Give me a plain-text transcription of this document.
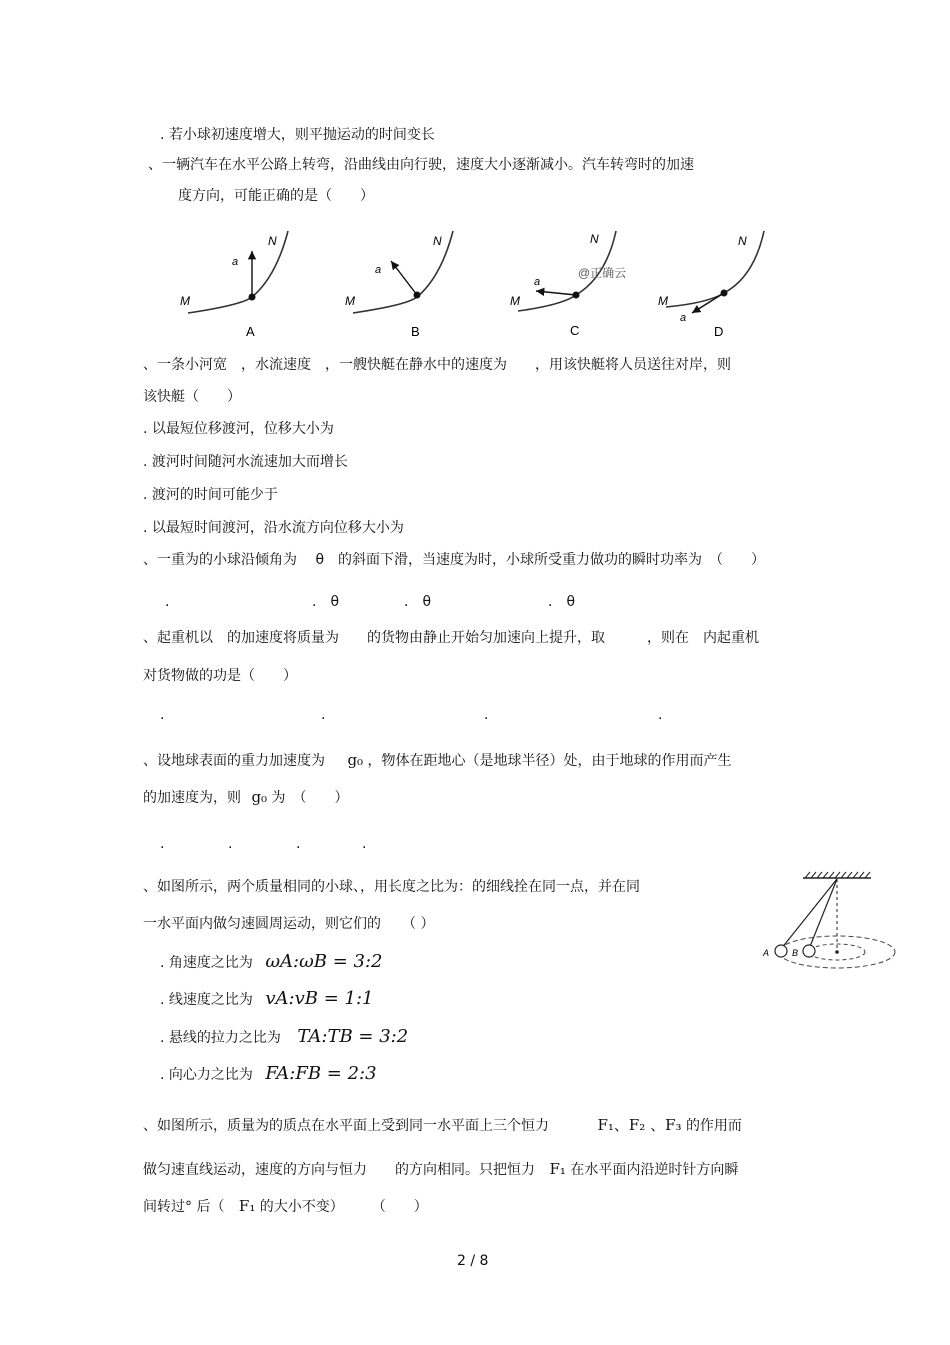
. 若小球初速度增大，则平抛运动的时间变长
、一辆汽车在水平公路上转弯，沿曲线由向行驶，速度大小逐渐减小。汽车转弯时的加速
度方向，可能正确的是（　　）
M
N
a
A
M
N
a
B
M
N
a
@正确云
C
M
N
a
D
、一条小河宽　，水流速度　，一艘快艇在静水中的速度为　　，用该快艇将人员送往对岸，则
该快艇（　　）
. 以最短位移渡河，位移大小为
. 渡河时间随河水流速加大而增长
. 渡河的时间可能少于
. 以最短时间渡河，沿水流方向位移大小为
、一重为的小球沿倾角为　 θ　的斜面下滑，当速度为时，小球所受重力做功的瞬时功率为　（　　）
.	.　θ	.　θ	.　θ
、起重机以　的加速度将质量为　　的货物由静止开始匀加速向上提升，取　　　，则在　内起重机
对货物做的功是（　　）
.	.	.	.
、设地球表面的重力加速度为 g₀ ，物体在距地心（是地球半径）处，由于地球的作用而产生
的加速度为，则 g₀ 为　（　　）
.	.	.	.
、如图所示，两个质量相同的小球、，用长度之比为：的细线拴在同一点，并在同
一水平面内做匀速圆周运动，则它们的　　（ ）
A	B
. 角速度之比为 ωA:ωB = 3:2
. 线速度之比为 vA:vB = 1:1
. 悬线的拉力之比为 TA:TB = 3:2
. 向心力之比为 FA:FB = 2:3
、如图所示，质量为的质点在水平面上受到同一水平面上三个恒力	F₁、F₂ 、F₃ 的作用而
做匀速直线运动，速度的方向与恒力　　的方向相同。只把恒力 F₁ 在水平面内沿逆时针方向瞬
间转过° 后（ F₁ 的大小不变）　　　（　　）
2 / 8
